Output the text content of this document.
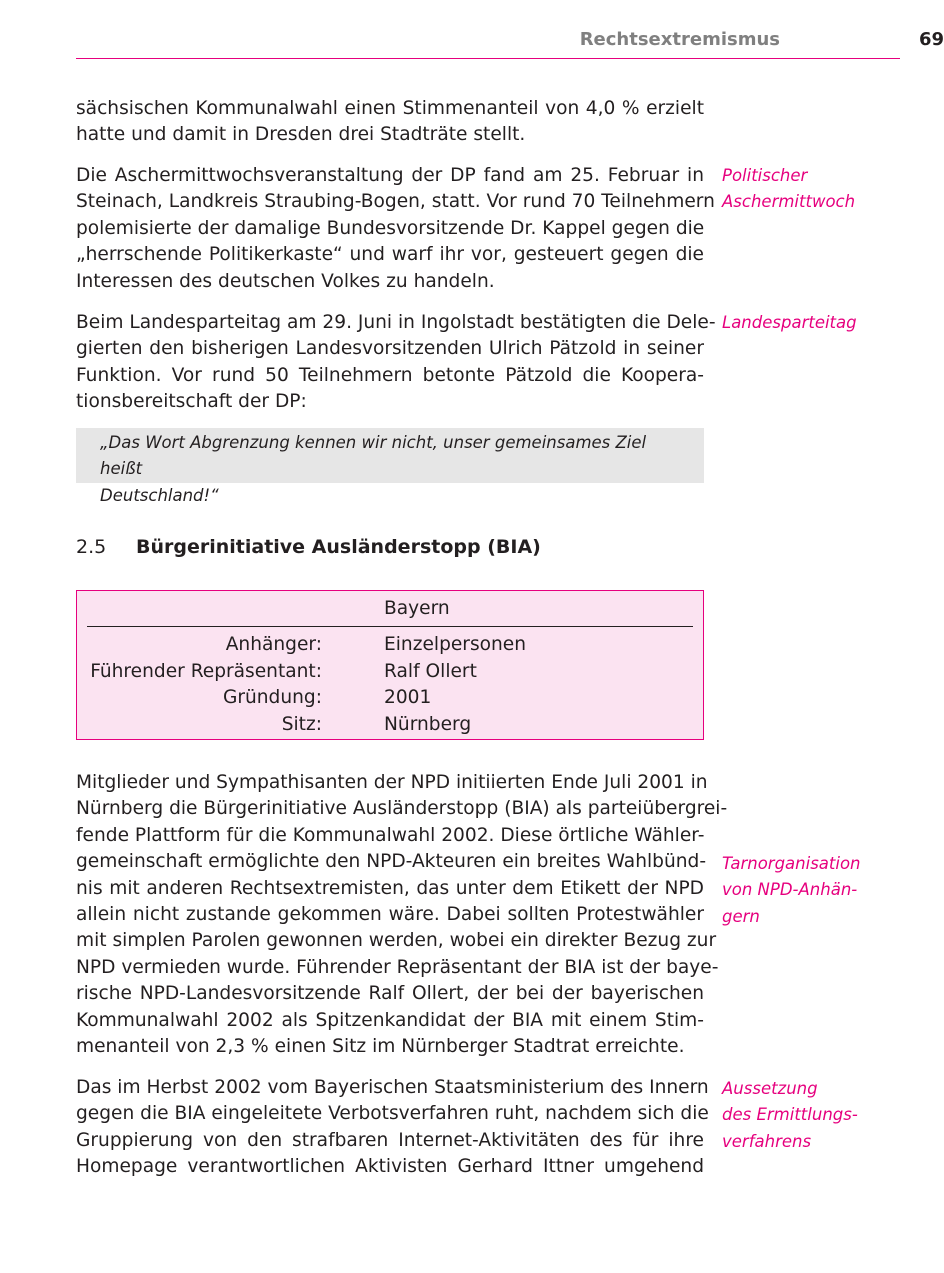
Rechtsextremismus	69

sächsischen Kommunalwahl einen Stimmenanteil von 4,0 % erzielt
hatte und damit in Dresden drei Stadträte stellt.

Die Aschermittwochsveranstaltung der DP fand am 25. Februar in
Steinach, Landkreis Straubing-Bogen, statt. Vor rund 70 Teilnehmern
polemisierte der damalige Bundesvorsitzende Dr. Kappel gegen die
„herrschende Politikerkaste“ und warf ihr vor, gesteuert gegen die
Interessen des deutschen Volkes zu handeln.

Politischer
Aschermittwoch

Beim Landesparteitag am 29. Juni in Ingolstadt bestätigten die Dele-
gierten den bisherigen Landesvorsitzenden Ulrich Pätzold in seiner
Funktion. Vor rund 50 Teilnehmern betonte Pätzold die Kooperа-
tionsbereitschaft der DP:

Landesparteitag
„Das Wort Abgrenzung kennen wir nicht, unser gemeinsames Ziel heißt
Deutschland!“
2.5 Bürgerinitiative Ausländerstopp (BIA)
Bayern
Anhänger:	Einzelpersonen
Führender Repräsentant:	Ralf Ollert
Gründung:	2001
Sitz:	Nürnberg

Mitglieder und Sympathisanten der NPD initiierten Ende Juli 2001 in
Nürnberg die Bürgerinitiative Ausländerstopp (BIA) als parteiübergrei-
fende Plattform für die Kommunalwahl 2002. Diese örtliche Wähler-
gemeinschaft ermöglichte den NPD-Akteuren ein breites Wahlbünd-
nis mit anderen Rechtsextremisten, das unter dem Etikett der NPD
allein nicht zustande gekommen wäre. Dabei sollten Protestwähler
mit simplen Parolen gewonnen werden, wobei ein direkter Bezug zur
NPD vermieden wurde. Führender Repräsentant der BIA ist der baye-
rische NPD-Landesvorsitzende Ralf Ollert, der bei der bayerischen
Kommunalwahl 2002 als Spitzenkandidat der BIA mit einem Stim-
menanteil von 2,3 % einen Sitz im Nürnberger Stadtrat erreichte.

Tarnorganisation
von NPD-Anhän-
gern

Das im Herbst 2002 vom Bayerischen Staatsministerium des Innern
gegen die BIA eingeleitete Verbotsverfahren ruht, nachdem sich die
Gruppierung von den strafbaren Internet-Aktivitäten des für ihre
Homepage verantwortlichen Aktivisten Gerhard Ittner umgehend

Aussetzung
des Ermittlungs-
verfahrens
